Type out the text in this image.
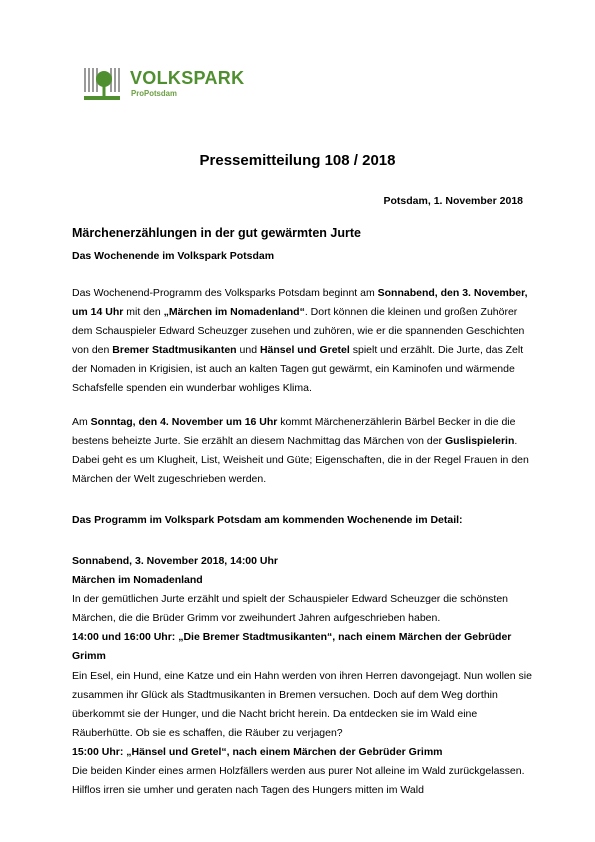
VOLKSPARK
ProPotsdam
Pressemitteilung 108 / 2018
Potsdam, 1. November 2018
Märchenerzählungen in der gut gewärmten Jurte
Das Wochenende im Volkspark Potsdam

Das Wochenend-Programm des Volksparks Potsdam beginnt am Sonnabend, den 3. November, um 14 Uhr mit den „Märchen im Nomadenland“. Dort können die kleinen und großen Zuhörer dem Schauspieler Edward Scheuzger zusehen und zuhören, wie er die spannenden Geschichten von den Bremer Stadtmusikanten und Hänsel und Gretel spielt und erzählt. Die Jurte, das Zelt der Nomaden in Krigisien, ist auch an kalten Tagen gut gewärmt, ein Kaminofen und wärmende Schafsfelle spenden ein wunderbar wohliges Klima.

Am Sonntag, den 4. November um 16 Uhr kommt Märchenerzählerin Bärbel Becker in die die bestens beheizte Jurte. Sie erzählt an diesem Nachmittag das Märchen von der Guslispielerin. Dabei geht es um Klugheit, List, Weisheit und Güte; Eigenschaften, die in der Regel Frauen in den Märchen der Welt zugeschrieben werden.

Das Programm im Volkspark Potsdam am kommenden Wochenende im Detail:

Sonnabend, 3. November 2018, 14:00 Uhr

Märchen im Nomadenland

In der gemütlichen Jurte erzählt und spielt der Schauspieler Edward Scheuzger die schönsten Märchen, die die Brüder Grimm vor zweihundert Jahren aufgeschrieben haben.

14:00 und 16:00 Uhr: „Die Bremer Stadtmusikanten“, nach einem Märchen der Gebrüder Grimm

Ein Esel, ein Hund, eine Katze und ein Hahn werden von ihren Herren davongejagt. Nun wollen sie zusammen ihr Glück als Stadtmusikanten in Bremen versuchen. Doch auf dem Weg dorthin überkommt sie der Hunger, und die Nacht bricht herein. Da entdecken sie im Wald eine Räuberhütte. Ob sie es schaffen, die Räuber zu verjagen?

15:00 Uhr: „Hänsel und Gretel“, nach einem Märchen der Gebrüder Grimm

Die beiden Kinder eines armen Holzfällers werden aus purer Not alleine im Wald zurückgelassen. Hilflos irren sie umher und geraten nach Tagen des Hungers mitten im Wald
